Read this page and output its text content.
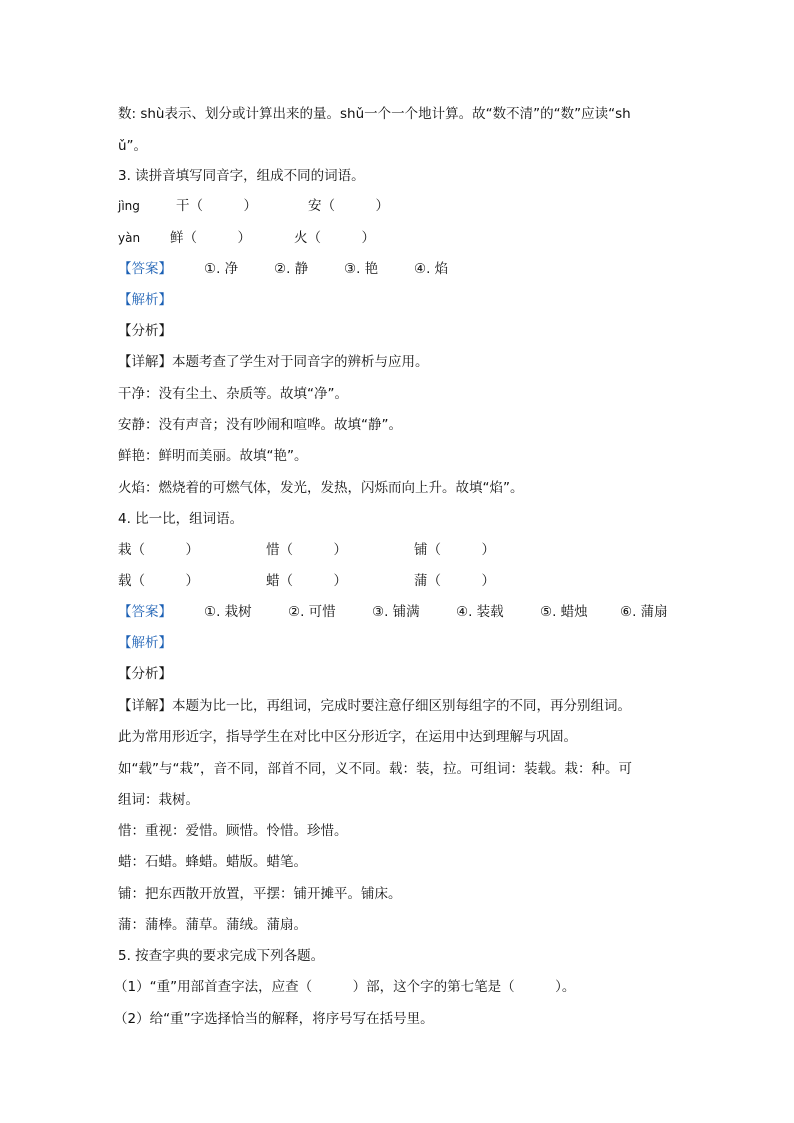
数: shù表示、划分或计算出来的量。shǔ一个一个地计算。故“数不清”的“数”应读“sh
ǔ”。
3. 读拼音填写同音字，组成不同的词语。
jìng	干（　　　）	安（　　　）
yàn 鲜（　　　）	火（　　　）
【答案】 ①. 净	②. 静	③. 艳	④. 焰
【解析】
【分析】
【详解】本题考查了学生对于同音字的辨析与应用。
干净：没有尘土、杂质等。故填“净”。
安静：没有声音；没有吵闹和喧哗。故填“静”。
鲜艳：鲜明而美丽。故填“艳”。
火焰：燃烧着的可燃气体，发光，发热，闪烁而向上升。故填“焰”。
4. 比一比，组词语。
栽（　　　）	惜（　　　）	铺（　　　）
载（　　　）	蜡（　　　）	蒲（　　　）
【答案】 ①. 栽树	②. 可惜	③. 铺满	④. 装载	⑤. 蜡烛 ⑥. 蒲扇
【解析】
【分析】
【详解】本题为比一比，再组词，完成时要注意仔细区别每组字的不同，再分别组词。
此为常用形近字，指导学生在对比中区分形近字，在运用中达到理解与巩固。
如“载”与“栽”，音不同，部首不同，义不同。载：装，拉。可组词：装载。栽：种。可
组词：栽树。
惜：重视：爱惜。顾惜。怜惜。珍惜。
蜡：石蜡。蜂蜡。蜡版。蜡笔。
铺：把东西散开放置，平摆：铺开摊平。铺床。
蒲：蒲棒。蒲草。蒲绒。蒲扇。
5. 按查字典的要求完成下列各题。
（1）“重”用部首查字法，应查（　　　）部，这个字的第七笔是（　　　）。
（2）给“重”字选择恰当的解释，将序号写在括号里。
